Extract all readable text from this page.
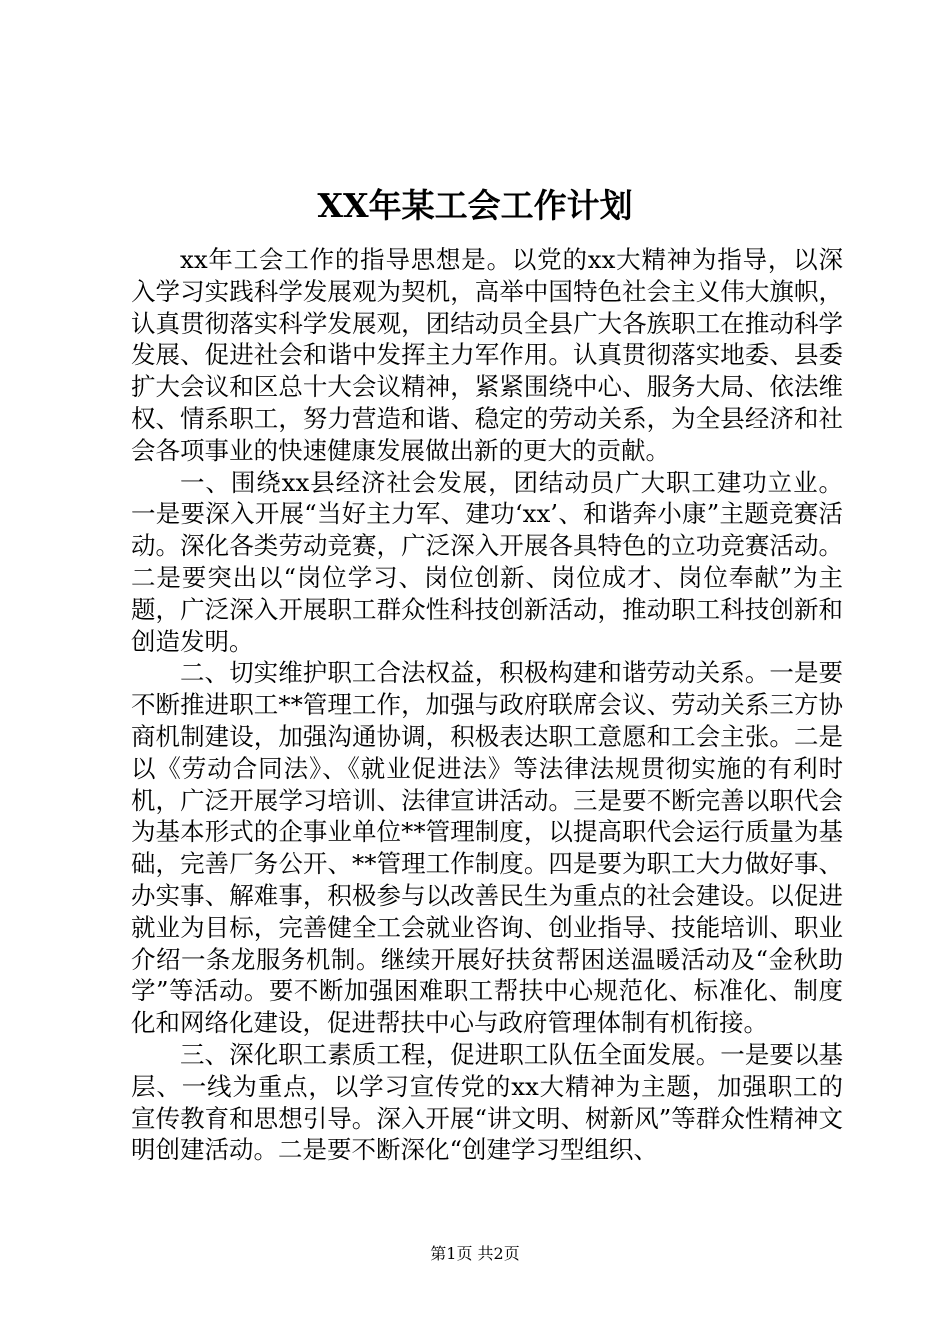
XX年某工会工作计划

xx年工会工作的指导思想是。以党的xx大精神为指导，以深入学习实践科学发展观为契机，高举中国特色社会主义伟大旗帜，认真贯彻落实科学发展观，团结动员全县广大各族职工在推动科学发展、促进社会和谐中发挥主力军作用。认真贯彻落实地委、县委扩大会议和区总十大会议精神，紧紧围绕中心、服务大局、依法维权、情系职工，努力营造和谐、稳定的劳动关系，为全县经济和社会各项事业的快速健康发展做出新的更大的贡献。

一、围绕xx县经济社会发展，团结动员广大职工建功立业。一是要深入开展“当好主力军、建功‘xx’、和谐奔小康”主题竞赛活动。深化各类劳动竞赛，广泛深入开展各具特色的立功竞赛活动。二是要突出以“岗位学习、岗位创新、岗位成才、岗位奉献”为主题，广泛深入开展职工群众性科技创新活动，推动职工科技创新和创造发明。

二、切实维护职工合法权益，积极构建和谐劳动关系。一是要不断推进职工**管理工作，加强与政府联席会议、劳动关系三方协商机制建设，加强沟通协调，积极表达职工意愿和工会主张。二是以《劳动合同法》、《就业促进法》等法律法规贯彻实施的有利时机，广泛开展学习培训、法律宣讲活动。三是要不断完善以职代会为基本形式的企事业单位**管理制度，以提高职代会运行质量为基础，完善厂务公开、**管理工作制度。四是要为职工大力做好事、办实事、解难事，积极参与以改善民生为重点的社会建设。以促进就业为目标，完善健全工会就业咨询、创业指导、技能培训、职业介绍一条龙服务机制。继续开展好扶贫帮困送温暖活动及“金秋助学”等活动。要不断加强困难职工帮扶中心规范化、标准化、制度化和网络化建设，促进帮扶中心与政府管理体制有机衔接。

三、深化职工素质工程，促进职工队伍全面发展。一是要以基层、一线为重点，以学习宣传党的xx大精神为主题，加强职工的宣传教育和思想引导。深入开展“讲文明、树新风”等群众性精神文明创建活动。二是要不断深化“创建学习型组织、

第1页 共2页
